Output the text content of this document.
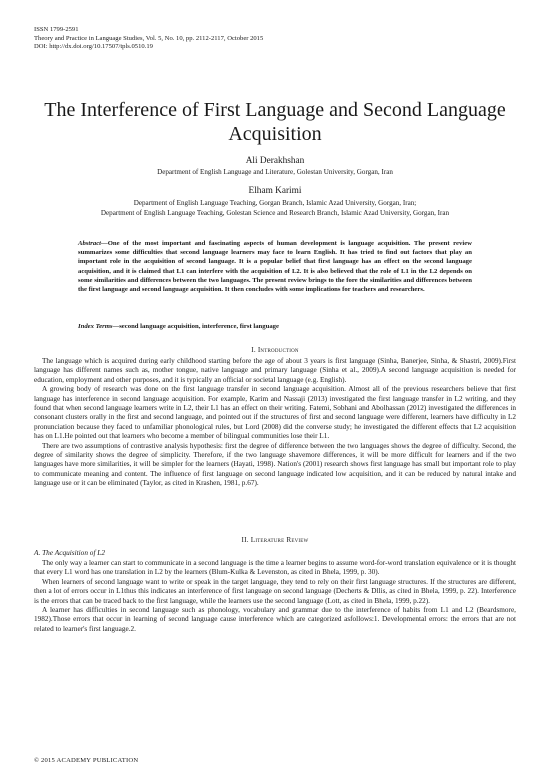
ISSN 1799-2591
Theory and Practice in Language Studies, Vol. 5, No. 10, pp. 2112-2117, October 2015
DOI: http://dx.doi.org/10.17507/tpls.0510.19
The Interference of First Language and Second Language Acquisition
Ali Derakhshan
Department of English Language and Literature, Golestan University, Gorgan, Iran
Elham Karimi
Department of English Language Teaching, Gorgan Branch, Islamic Azad University, Gorgan, Iran;
Department of English Language Teaching, Golestan Science and Research Branch, Islamic Azad University, Gorgan, Iran
Abstract—One of the most important and fascinating aspects of human development is language acquisition. The present review summarizes some difficulties that second language learners may face to learn English. It has tried to find out factors that play an important role in the acquisition of second language. It is a popular belief that first language has an effect on the second language acquisition, and it is claimed that L1 can interfere with the acquisition of L2. It is also believed that the role of L1 in the L2 depends on some similarities and differences between the two languages. The present review brings to the fore the similarities and differences between the first language and second language acquisition. It then concludes with some implications for teachers and researchers.
Index Terms—second language acquisition, interference, first language
I. Introduction

The language which is acquired during early childhood starting before the age of about 3 years is first language (Sinha, Banerjee, Sinha, & Shastri, 2009).First language has different names such as, mother tongue, native language and primary language (Sinha et al., 2009).A second language acquisition is needed for education, employment and other purposes, and it is typically an official or societal language (e.g. English).

A growing body of research was done on the first language transfer in second language acquisition. Almost all of the previous researchers believe that first language has interference in second language acquisition. For example, Karim and Nassaji (2013) investigated the first language transfer in L2 writing, and they found that when second language learners write in L2, their L1 has an effect on their writing. Fatemi, Sobhani and Abolhassan (2012) investigated the differences in consonant clusters orally in the first and second language, and pointed out if the structures of first and second language were different, learners have difficulty in L2 pronunciation because they faced to unfamiliar phonological rules, but Lord (2008) did the converse study; he investigated the different effects that L2 acquisition has on L1.He pointed out that learners who become a member of bilingual communities lose their L1.

There are two assumptions of contrastive analysis hypothesis: first the degree of difference between the two languages shows the degree of difficulty. Second, the degree of similarity shows the degree of simplicity. Therefore, if the two language shavemore differences, it will be more difficult for learners and if the two languages have more similarities, it will be simpler for the learners (Hayati, 1998). Nation's (2001) research shows first language has small but important role to play to communicate meaning and content. The influence of first language on second language indicated low acquisition, and it can be reduced by natural intake and language use or it can be eliminated (Taylor, as cited in Krashen, 1981, p.67).

II. Literature Review
A. The Acquisition of L2

The only way a learner can start to communicate in a second language is the time a learner begins to assume word-for-word translation equivalence or it is thought that every L1 word has one translation in L2 by the learners (Blum-Kulka & Levenston, as cited in Bhela, 1999, p. 30).

When learners of second language want to write or speak in the target language, they tend to rely on their first language structures. If the structures are different, then a lot of errors occur in L1thus this indicates an interference of first language on second language (Decherts & Dllis, as cited in Bhela, 1999, p. 22). Interference is the errors that can be traced back to the first language, while the learners use the second language (Lott, as cited in Bhela, 1999, p.22).

A learner has difficulties in second language such as phonology, vocabulary and grammar due to the interference of habits from L1 and L2 (Beardsmore, 1982).Those errors that occur in learning of second language cause interference which are categorized asfollows:1. Developmental errors: the errors that are not related to learner's first language.2.

© 2015 ACADEMY PUBLICATION
